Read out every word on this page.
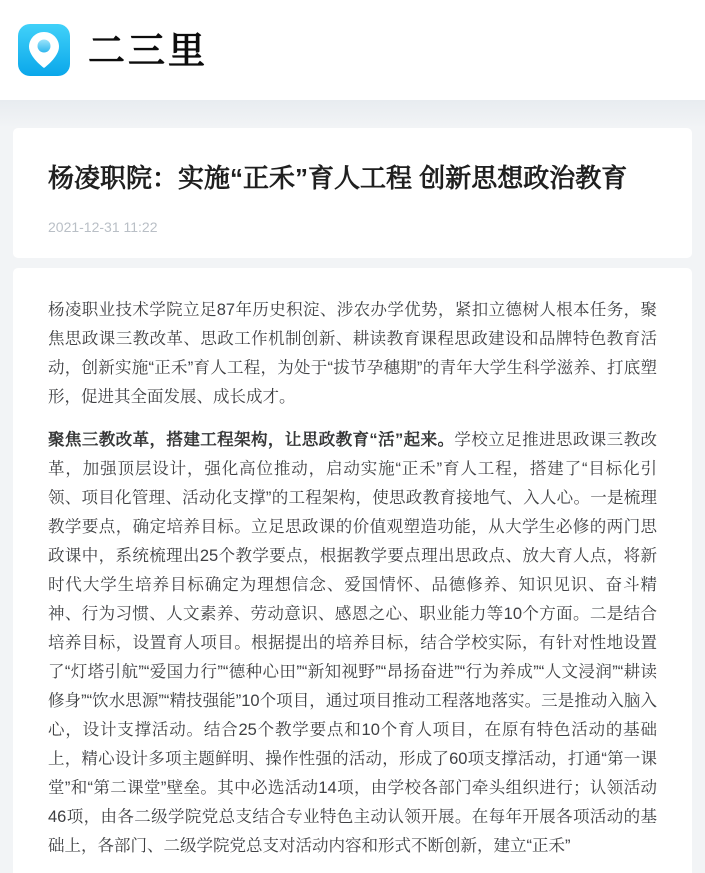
二三里
杨凌职院：实施“正禾”育人工程 创新思想政治教育
2021-12-31 11:22

杨凌职业技术学院立足87年历史积淀、涉农办学优势，紧扣立德树人根本任务，聚焦思政课三教改革、思政工作机制创新、耕读教育课程思政建设和品牌特色教育活动，创新实施“正禾”育人工程，为处于“拔节孕穗期”的青年大学生科学滋养、打底塑形，促进其全面发展、成长成才。

聚焦三教改革，搭建工程架构，让思政教育“活”起来。学校立足推进思政课三教改革，加强顶层设计，强化高位推动，启动实施“正禾”育人工程，搭建了“目标化引领、项目化管理、活动化支撑”的工程架构，使思政教育接地气、入人心。一是梳理教学要点，确定培养目标。立足思政课的价值观塑造功能，从大学生必修的两门思政课中，系统梳理出25个教学要点，根据教学要点理出思政点、放大育人点，将新时代大学生培养目标确定为理想信念、爱国情怀、品德修养、知识见识、奋斗精神、行为习惯、人文素养、劳动意识、感恩之心、职业能力等10个方面。二是结合培养目标，设置育人项目。根据提出的培养目标，结合学校实际，有针对性地设置了“灯塔引航”“爱国力行”“德种心田”“新知视野”“昂扬奋进”“行为养成”“人文浸润”“耕读修身”“饮水思源”“精技强能”10个项目，通过项目推动工程落地落实。三是推动入脑入心，设计支撑活动。结合25个教学要点和10个育人项目，在原有特色活动的基础上，精心设计多项主题鲜明、操作性强的活动，形成了60项支撑活动，打通“第一课堂”和“第二课堂”壁垒。其中必选活动14项，由学校各部门牵头组织进行；认领活动46项，由各二级学院党总支结合专业特色主动认领开展。在每年开展各项活动的基础上，各部门、二级学院党总支对活动内容和形式不断创新，建立“正禾”
